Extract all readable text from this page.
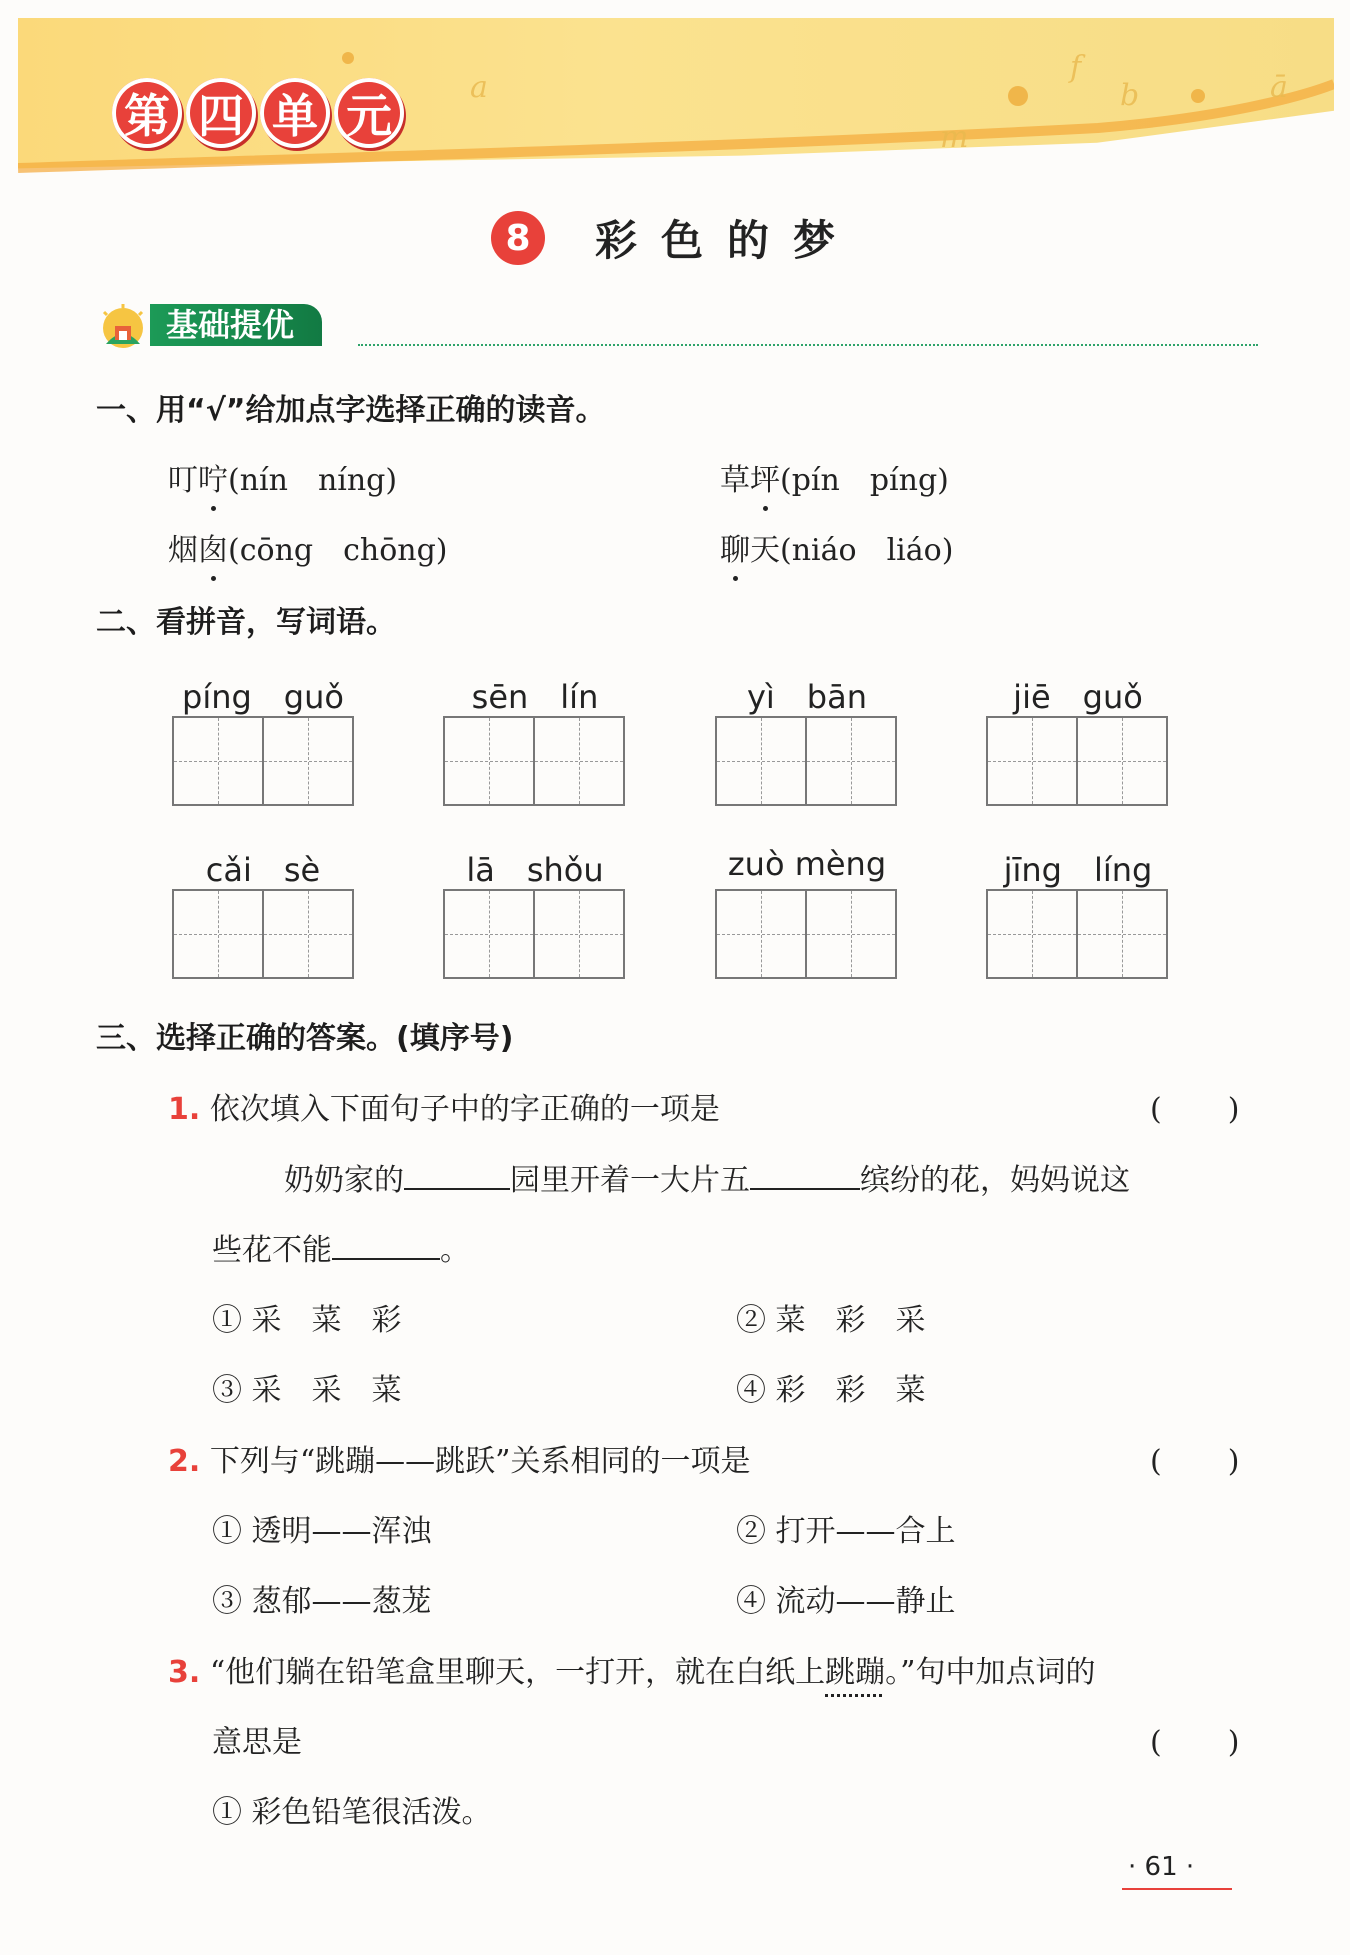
a	b
m
f
ā
第 四 单 元
8	彩色的梦
基础提优
一、用“√”给加点字选择正确的读音。
叮咛(nín　níng)	草坪(pín　píng)
烟囱(cōng　chōng)	聊天(niáo　liáo)
二、看拼音，写词语。
píng　guǒ	sēn　lín	yì　bān	jiē　guǒ
cǎi　sè	lā　shǒu	zuò mèng	jīng　líng
三、选择正确的答案。(填序号)
1. 依次填入下面句子中的字正确的一项是	(　　)
奶奶家的	园里开着一大片五	缤纷的花，妈妈说这
些花不能	。
① 采　菜　彩	② 菜　彩　采
③ 采　采　菜	④ 彩　彩　菜
2. 下列与“跳蹦——跳跃”关系相同的一项是	(　　)
① 透明——浑浊	② 打开——合上
③ 葱郁——葱茏	④ 流动——静止
3. “他们躺在铅笔盒里聊天，一打开，就在白纸上跳蹦。”句中加点词的
意思是	(　　)
① 彩色铅笔很活泼。
· 61 ·
